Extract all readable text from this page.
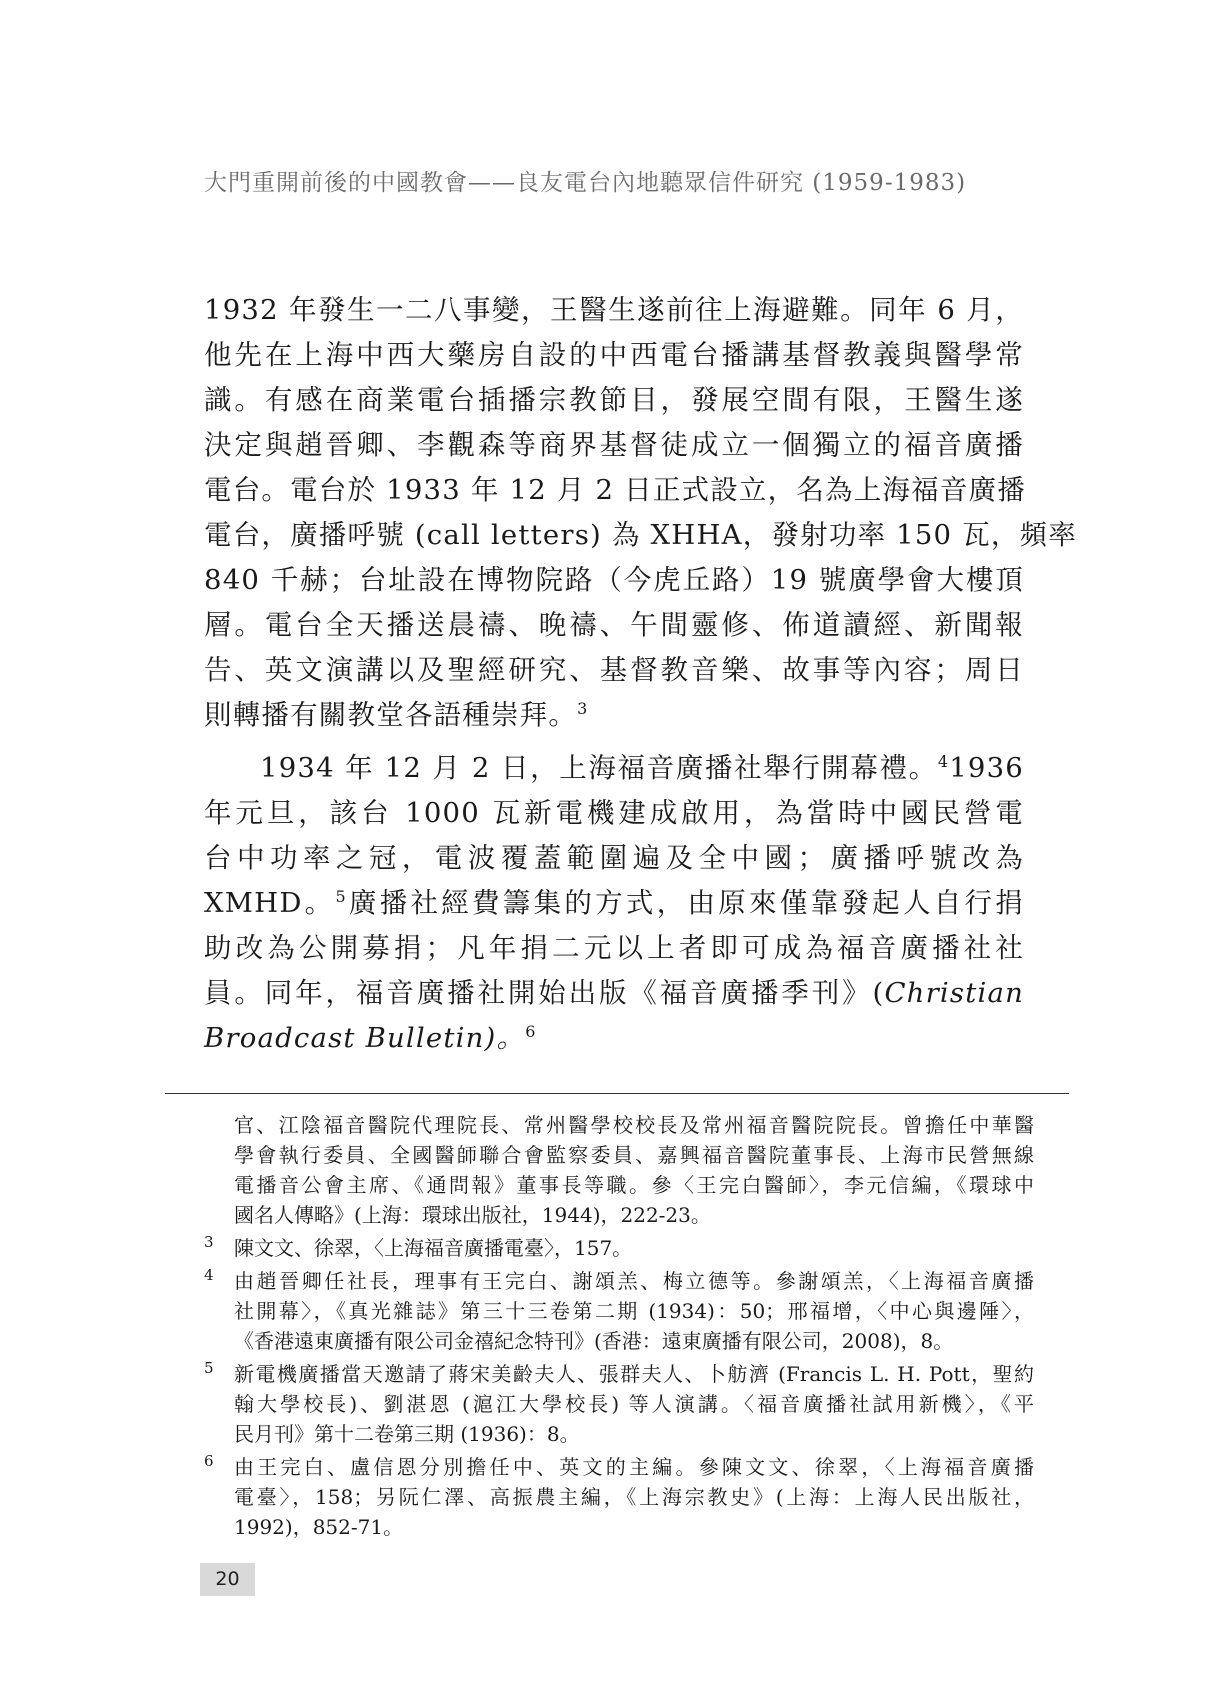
大門重開前後的中國教會——良友電台內地聽眾信件研究 (1959-1983)
1932 年發生一二八事變，王醫生遂前往上海避難。同年 6 月，
他先在上海中西大藥房自設的中西電台播講基督教義與醫學常
識。有感在商業電台插播宗教節目，發展空間有限，王醫生遂
決定與趙晉卿、李觀森等商界基督徒成立一個獨立的福音廣播
電台。電台於 1933 年 12 月 2 日正式設立，名為上海福音廣播
電台，廣播呼號 (call letters) 為 XHHA，發射功率 150 瓦，頻率
840 千赫；台址設在博物院路（今虎丘路）19 號廣學會大樓頂
層。電台全天播送晨禱、晚禱、午間靈修、佈道讀經、新聞報
告、英文演講以及聖經研究、基督教音樂、故事等內容；周日
則轉播有關教堂各語種崇拜。$^3$
1934 年 12 月 2 日，上海福音廣播社舉行開幕禮。$^4$1936
年元旦，該台 1000 瓦新電機建成啟用，為當時中國民營電
台中功率之冠，電波覆蓋範圍遍及全中國；廣播呼號改為
XMHD。$^5$廣播社經費籌集的方式，由原來僅靠發起人自行捐
助改為公開募捐；凡年捐二元以上者即可成為福音廣播社社
員。同年，福音廣播社開始出版《福音廣播季刊》(Christian
Broadcast Bulletin)。$^6$
官、江陰福音醫院代理院長、常州醫學校校長及常州福音醫院院長。曾擔任中華醫
學會執行委員、全國醫師聯合會監察委員、嘉興福音醫院董事長、上海市民營無線
電播音公會主席、《通問報》董事長等職。參〈王完白醫師〉，李元信編，《環球中
國名人傳略》(上海：環球出版社，1944)，222-23。
3 陳文文、徐翠，〈上海福音廣播電臺〉，157。
4 由趙晉卿任社長，理事有王完白、謝頌羔、梅立德等。參謝頌羔，〈上海福音廣播
社開幕〉，《真光雜誌》第三十三卷第二期 (1934)：50；邢福增，〈中心與邊陲〉，
《香港遠東廣播有限公司金禧紀念特刊》(香港：遠東廣播有限公司，2008)，8。
5 新電機廣播當天邀請了蔣宋美齡夫人、張群夫人、卜舫濟 (Francis L. H. Pott，聖約
翰大學校長)、劉湛恩 (滬江大學校長) 等人演講。〈福音廣播社試用新機〉，《平
民月刊》第十二卷第三期 (1936)：8。
6 由王完白、盧信恩分別擔任中、英文的主編。參陳文文、徐翠，〈上海福音廣播
電臺〉，158；另阮仁澤、高振農主編，《上海宗教史》(上海：上海人民出版社，
1992)，852-71。
20
